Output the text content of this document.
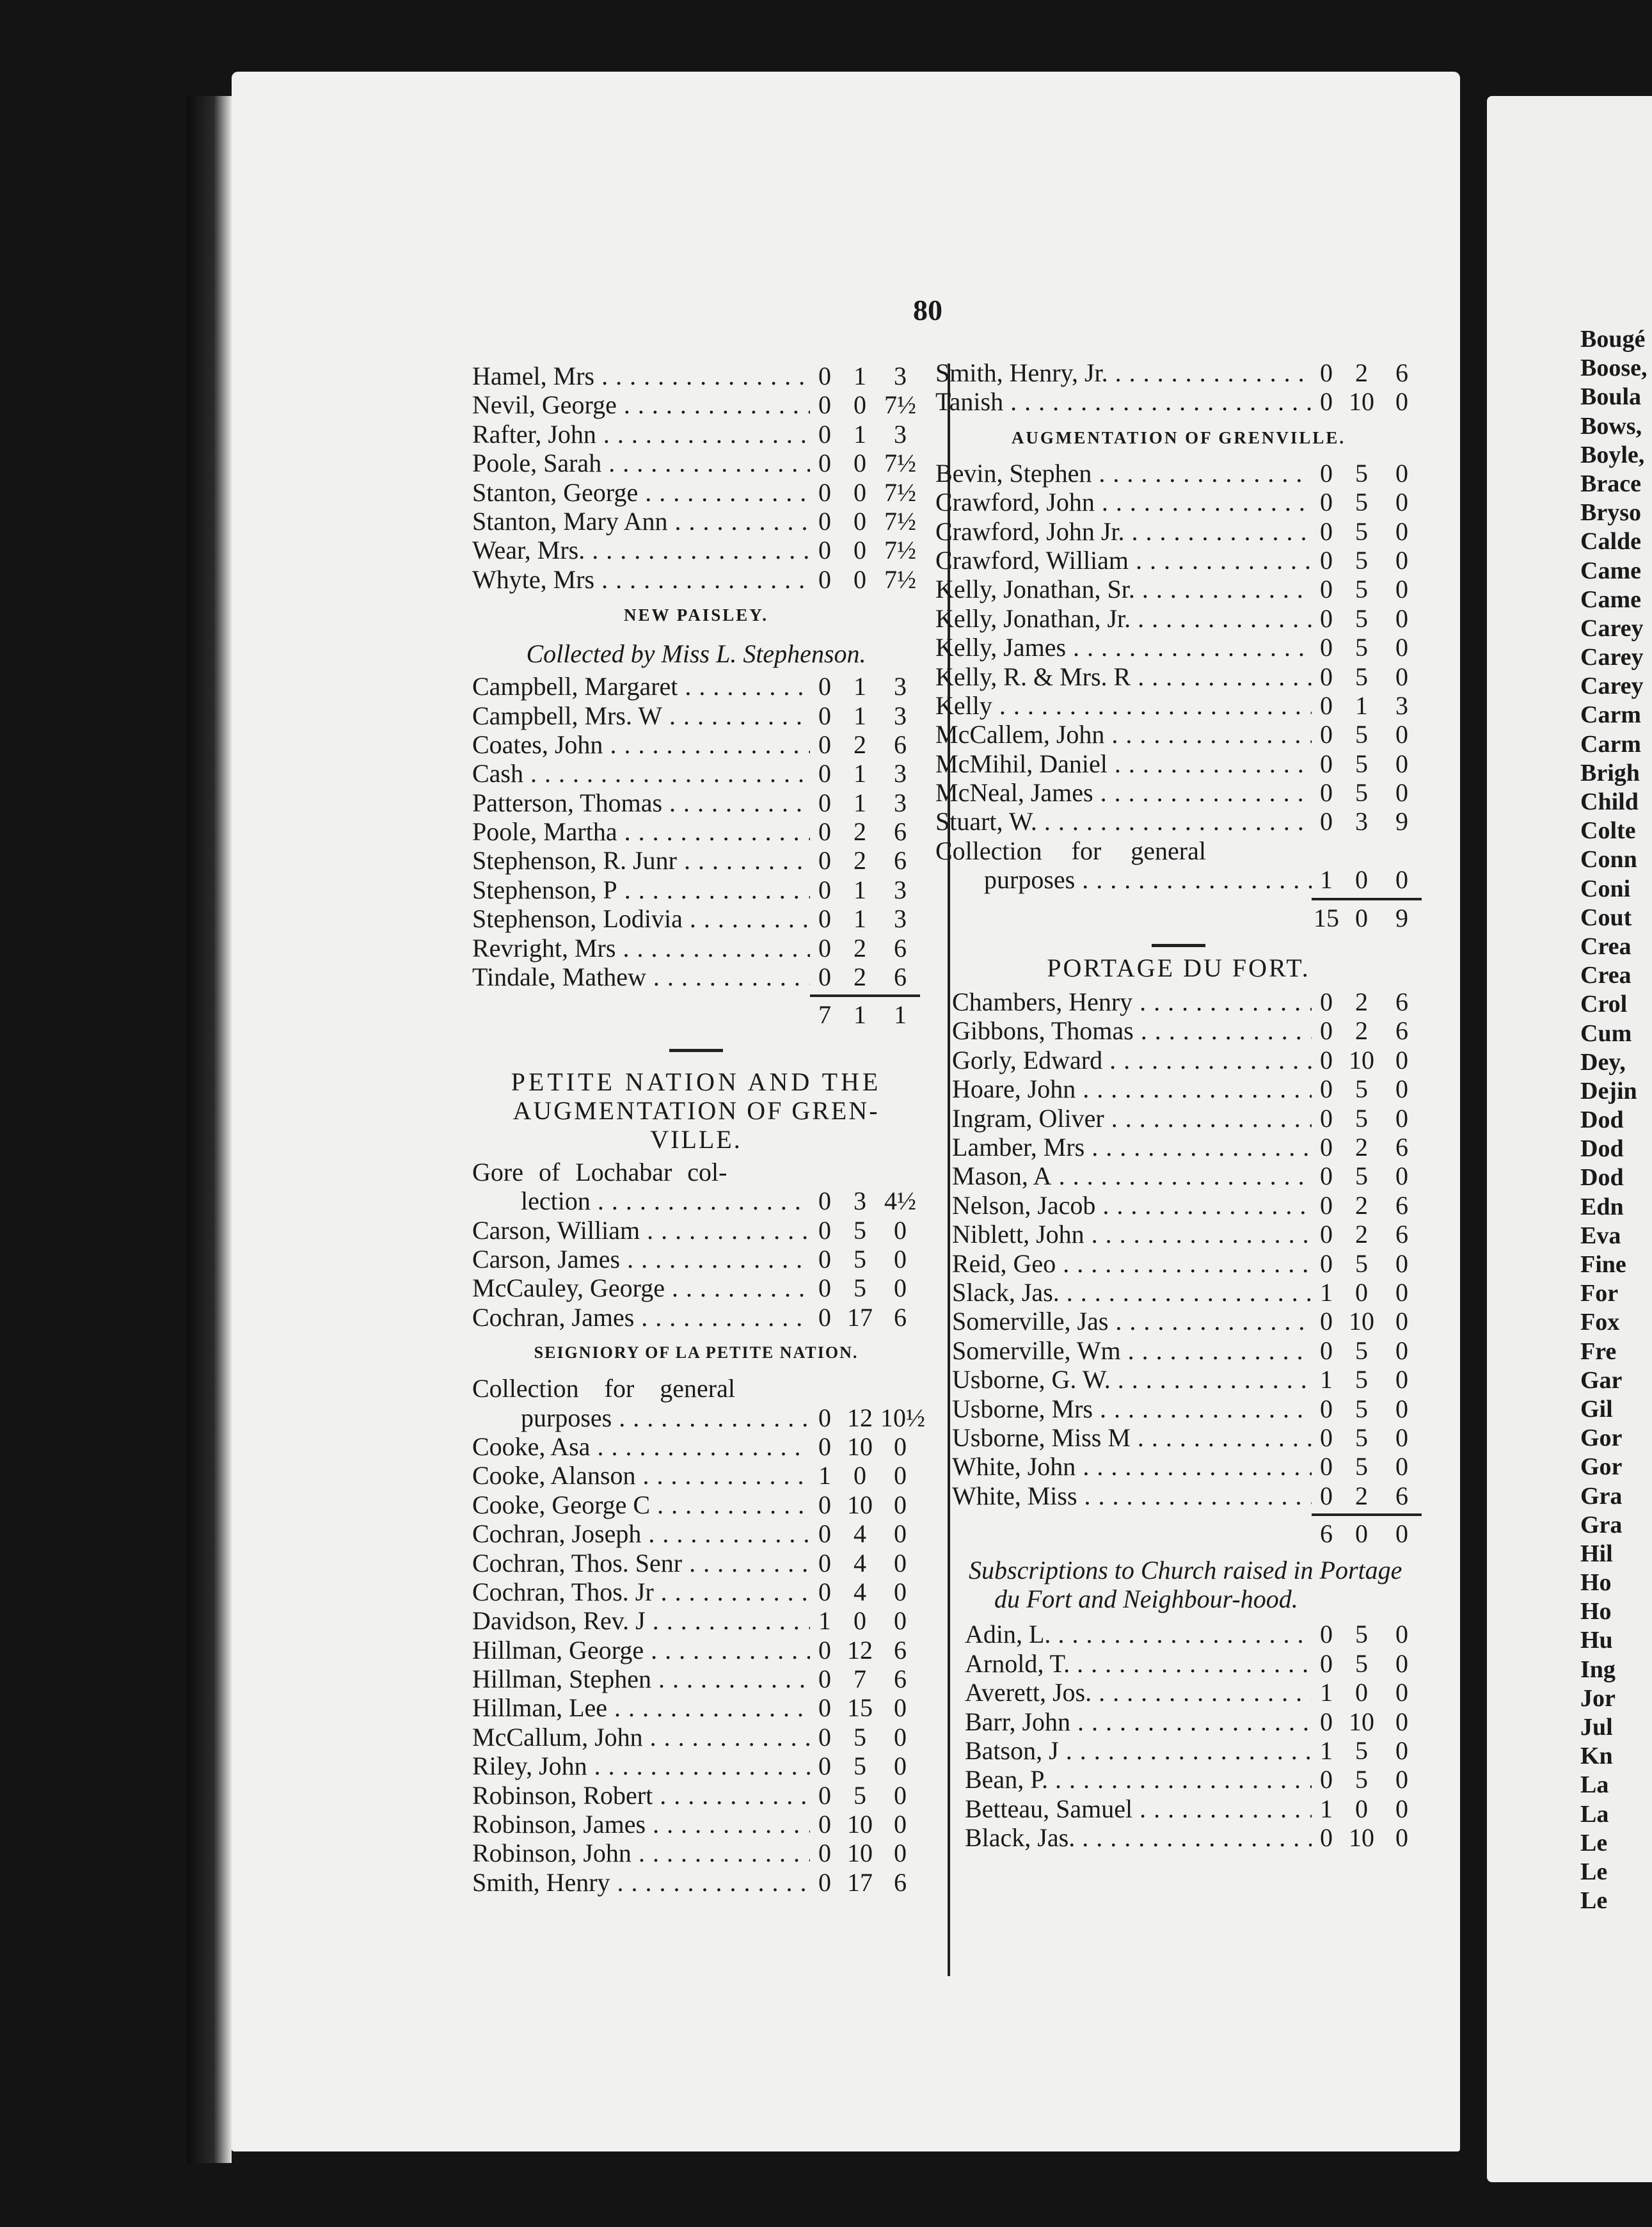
80
Hamel, Mrs . . .	0 1	3
Nevil, George . . .	0 0 7½
Rafter, John . . .	0 1	3
Poole, Sarah . . .	0 0 7½
Stanton, George . . .	0 0 7½
Stanton, Mary Ann . . .	0 0 7½
Wear, Mrs. . . .	0 0 7½
Whyte, Mrs . . .	0 0 7½
NEW PAISLEY.
Collected by Miss L. Stephenson.
Campbell, Margaret . . .	0 1	3
Campbell, Mrs. W . . .	0 1	3
Coates, John . . .	0 2	6
Cash . . .	0 1	3
Patterson, Thomas . . .	0 1	3
Poole, Martha . . .	0 2	6
Stephenson, R. Junr . . .	0 2	6
Stephenson, P . . .	0 1	3
Stephenson, Lodivia . . .	0 1	3
Revright, Mrs . . .	0 2	6
Tindale, Mathew . . .	0 2	6
7 1	1
PETITE NATION AND THE
AUGMENTATION OF GREN-
VILLE.
Gore of Lochabar col-
lection . . .	0 3 4½
Carson, William . . .	0 5	0
Carson, James . . .	0 5	0
McCauley, George . . .	0 5	0
Cochran, James . . .	0 17 6
SEIGNIORY OF LA PETITE NATION.
Collection for general
purposes . . .	0 12 10½
Cooke, Asa . . .	0 10 0
Cooke, Alanson . . .	1 0	0
Cooke, George C . . .	0 10 0
Cochran, Joseph . . .	0 4	0
Cochran, Thos. Senr . . .	0 4	0
Cochran, Thos. Jr . . .	0 4	0
Davidson, Rev. J . . .	1 0	0
Hillman, George . . .	0 12 6
Hillman, Stephen . . .	0 7	6
Hillman, Lee . . .	0 15 0
McCallum, John . . .	0 5	0
Riley, John . . .	0 5	0
Robinson, Robert . . .	0 5	0
Robinson, James . . .	0 10 0
Robinson, John . . .	0 10 0
Smith, Henry . . .	0 17 6
Smith, Henry, Jr. . . .	0 2	6
Tanish . . .	0 10 0
AUGMENTATION OF GRENVILLE.
Bevin, Stephen . . .	0 5	0
Crawford, John . . .	0 5	0
Crawford, John Jr. . . .	0 5	0
Crawford, William . . .	0 5	0
Kelly, Jonathan, Sr. . . .	0 5	0
Kelly, Jonathan, Jr. . . .	0 5	0
Kelly, James . . .	0 5	0
Kelly, R. & Mrs. R . . .	0 5	0
Kelly . . .	0 1	3
McCallem, John . . .	0 5	0
McMihil, Daniel . . .	0 5	0
McNeal, James . . .	0 5	0
Stuart, W. . . .	0 3	9
Collection for general
purposes . . .	1 0	0
15 0	9
PORTAGE DU FORT.
Chambers, Henry . . .	0 2	6
Gibbons, Thomas . . .	0 2	6
Gorly, Edward . . .	0 10 0
Hoare, John . . .	0 5	0
Ingram, Oliver . . .	0 5	0
Lamber, Mrs . . .	0 2	6
Mason, A . . .	0 5	0
Nelson, Jacob . . .	0 2	6
Niblett, John . . .	0 2	6
Reid, Geo . . .	0 5	0
Slack, Jas. . . .	1 0	0
Somerville, Jas . . .	0 10 0
Somerville, Wm . . .	0 5	0
Usborne, G. W. . . .	1 5	0
Usborne, Mrs . . .	0 5	0
Usborne, Miss M . . .	0 5	0
White, John . . .	0 5	0
White, Miss . . .	0 2	6
6 0	0
Subscriptions to Church raised in Portage du Fort and Neighbour-hood.
Adin, L. . . .	0 5	0
Arnold, T. . . .	0 5	0
Averett, Jos. . . .	1 0	0
Barr, John . . .	0 10 0
Batson, J . . .	1 5	0
Bean, P. . . .	0 5	0
Betteau, Samuel . . .	1 0	0
Black, Jas. . . .	0 10 0
Bougé
Boose,
Boula
Bows,
Boyle,
Brace
Bryso
Calde
Came
Came
Carey
Carey
Carey
Carm
Carm
Brigh
Child
Colte
Conn
Coni
Cout
Crea
Crea
Crol
Cum
Dey,
Dejin
Dod
Dod
Dod
Edn
Eva
Fine
For
Fox
Fre
Gar
Gil
Gor
Gor
Gra
Gra
Hil
Ho
Ho
Hu
Ing
Jor
Jul
Kn
La
La
Le
Le
Le
